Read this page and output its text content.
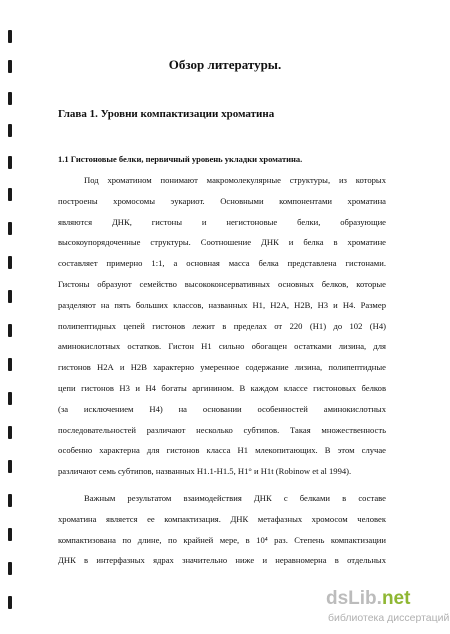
Обзор литературы.
Глава 1. Уровни компактизации хроматина
1.1 Гистоновые белки, первичный уровень укладки хроматина.
Под хроматином понимают макромолекулярные структуры, из которых
построены хромосомы эукариот. Основными компонентами хроматина
являются ДНК, гистоны и негистоновые белки, образующие
высокоупорядоченные структуры. Соотношение ДНК и белка в хроматине
составляет примерно 1:1, а основная масса белка представлена гистонами.
Гистоны образуют семейство высококонсервативных основных белков, которые
разделяют на пять больших классов, названных Н1, Н2А, Н2В, Н3 и Н4. Размер
полипептидных цепей гистонов лежит в пределах от 220 (Н1) до 102 (Н4)
аминокислотных остатков. Гистон Н1 сильно обогащен остатками лизина, для
гистонов Н2А и Н2В характерно умеренное содержание лизина, полипептидные
цепи гистонов Н3 и Н4 богаты аргинином. В каждом классе гистоновых белков
(за исключением Н4) на основании особенностей аминокислотных
последовательностей различают несколько субтипов. Такая множественность
особенно характерна для гистонов класса Н1 млекопитающих. В этом случае
различают семь субтипов, названных Н1.1-Н1.5, Н1° и Н1t (Robinow et al 1994).
Важным результатом взаимодействия ДНК с белками в составе
хроматина является ее компактизация. ДНК метафазных хромосом человек
компактизована по длине, по крайней мере, в 10⁴ раз. Степень компактизации
ДНК в интерфазных ядрах значительно ниже и неравномерна в отдельных
dsLib.net
библиотека диссертаций
